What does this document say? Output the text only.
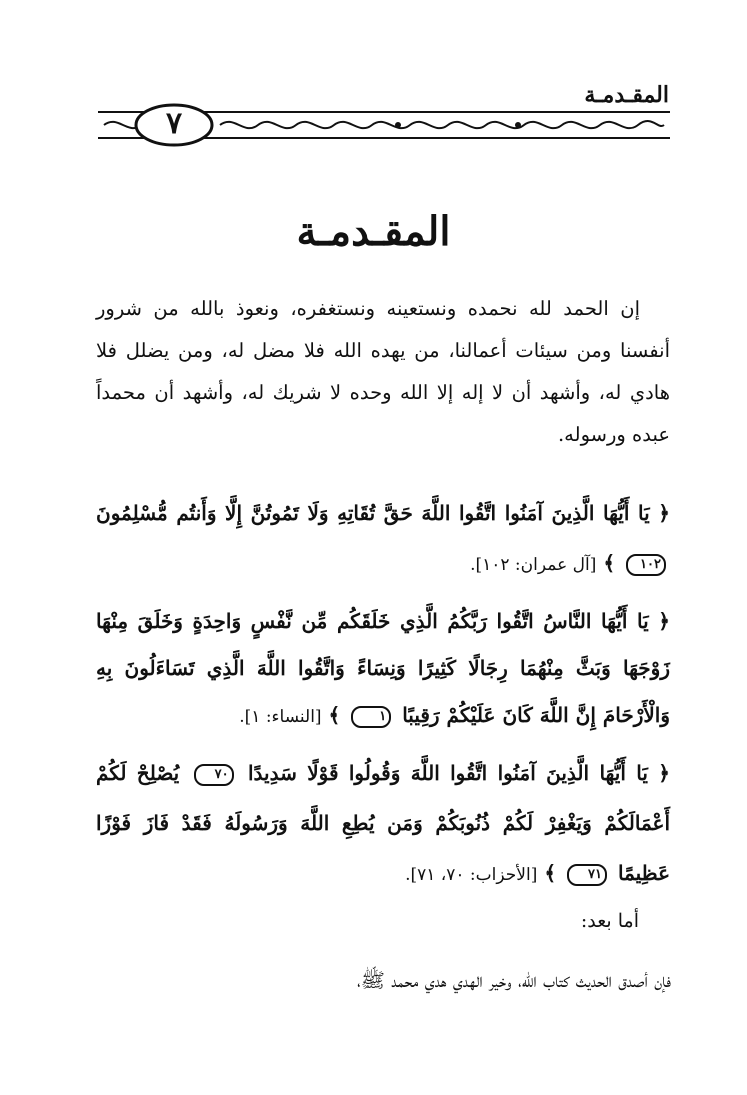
المقـدمـة
٧
المقـدمـة
إن الحمد لله نحمده ونستعينه ونستغفره، ونعوذ بالله من شرور أنفسنا ومن سيئات أعمالنا، من يهده الله فلا مضل له، ومن يضلل فلا هادي له، وأشهد أن لا إله إلا الله وحده لا شريك له، وأشهد أن محمداً عبده ورسوله.
﴿ يَا أَيُّهَا الَّذِينَ آمَنُوا اتَّقُوا اللَّهَ حَقَّ تُقَاتِهِ وَلَا تَمُوتُنَّ إِلَّا وَأَنتُم مُّسْلِمُونَ ١٠٢ ﴾ [آل عمران: ١٠٢].
﴿ يَا أَيُّهَا النَّاسُ اتَّقُوا رَبَّكُمُ الَّذِي خَلَقَكُم مِّن نَّفْسٍ وَاحِدَةٍ وَخَلَقَ مِنْهَا زَوْجَهَا وَبَثَّ مِنْهُمَا رِجَالًا كَثِيرًا وَنِسَاءً وَاتَّقُوا اللَّهَ الَّذِي تَسَاءَلُونَ بِهِ وَالْأَرْحَامَ إِنَّ اللَّهَ كَانَ عَلَيْكُمْ رَقِيبًا ١ ﴾ [النساء: ١].
﴿ يَا أَيُّهَا الَّذِينَ آمَنُوا اتَّقُوا اللَّهَ وَقُولُوا قَوْلًا سَدِيدًا ٧٠ يُصْلِحْ لَكُمْ أَعْمَالَكُمْ وَيَغْفِرْ لَكُمْ ذُنُوبَكُمْ وَمَن يُطِعِ اللَّهَ وَرَسُولَهُ فَقَدْ فَازَ فَوْزًا عَظِيمًا ٧١ ﴾ [الأحزاب: ٧٠، ٧١].
أما بعد:
فإن أصدق الحديث كتاب الله، وخير الهدي هدي محمد ﷺ،
